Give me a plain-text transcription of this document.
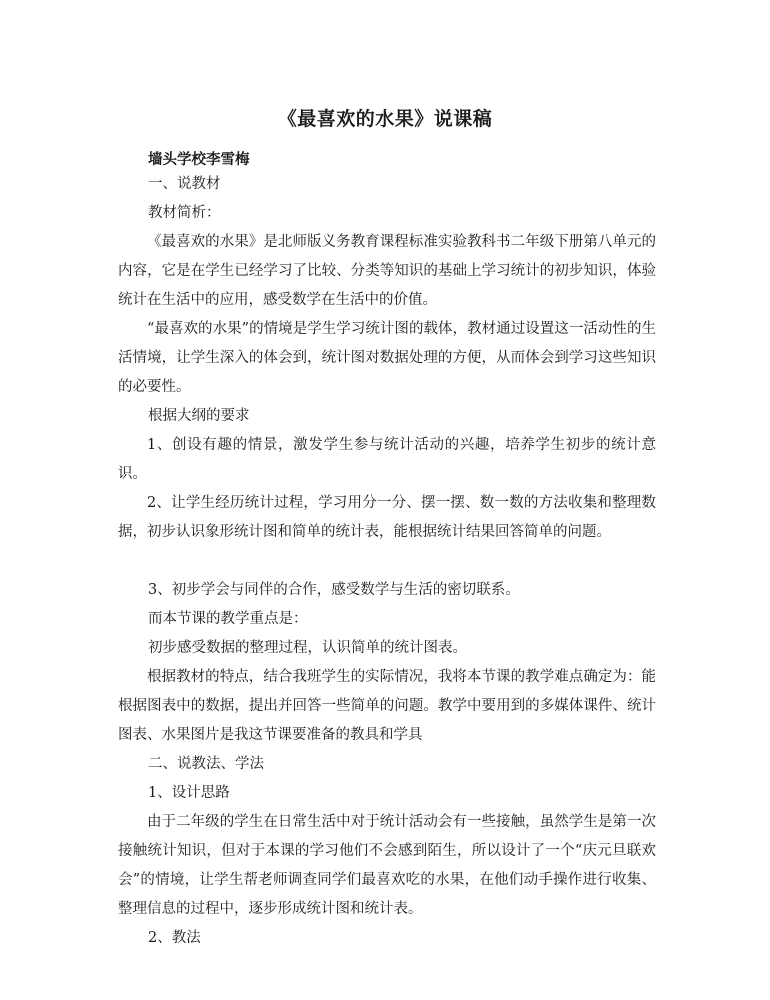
《最喜欢的水果》说课稿
墙头学校李雪梅
一、说教材
教材简析：
《最喜欢的水果》是北师版义务教育课程标准实验教科书二年级下册第八单元的内容，它是在学生已经学习了比较、分类等知识的基础上学习统计的初步知识，体验统计在生活中的应用，感受数学在生活中的价值。
“最喜欢的水果”的情境是学生学习统计图的载体，教材通过设置这一活动性的生活情境，让学生深入的体会到，统计图对数据处理的方便，从而体会到学习这些知识的必要性。
根据大纲的要求
1、创设有趣的情景，激发学生参与统计活动的兴趣，培养学生初步的统计意识。
2、让学生经历统计过程，学习用分一分、摆一摆、数一数的方法收集和整理数据，初步认识象形统计图和简单的统计表，能根据统计结果回答简单的问题。
3、初步学会与同伴的合作，感受数学与生活的密切联系。
而本节课的教学重点是：
初步感受数据的整理过程，认识简单的统计图表。
根据教材的特点，结合我班学生的实际情况，我将本节课的教学难点确定为：能根据图表中的数据，提出并回答一些简单的问题。教学中要用到的多媒体课件、统计图表、水果图片是我这节课要准备的教具和学具
二、说教法、学法
1、设计思路
由于二年级的学生在日常生活中对于统计活动会有一些接触，虽然学生是第一次接触统计知识，但对于本课的学习他们不会感到陌生，所以设计了一个“庆元旦联欢会”的情境，让学生帮老师调查同学们最喜欢吃的水果，在他们动手操作进行收集、整理信息的过程中，逐步形成统计图和统计表。
2、教法
